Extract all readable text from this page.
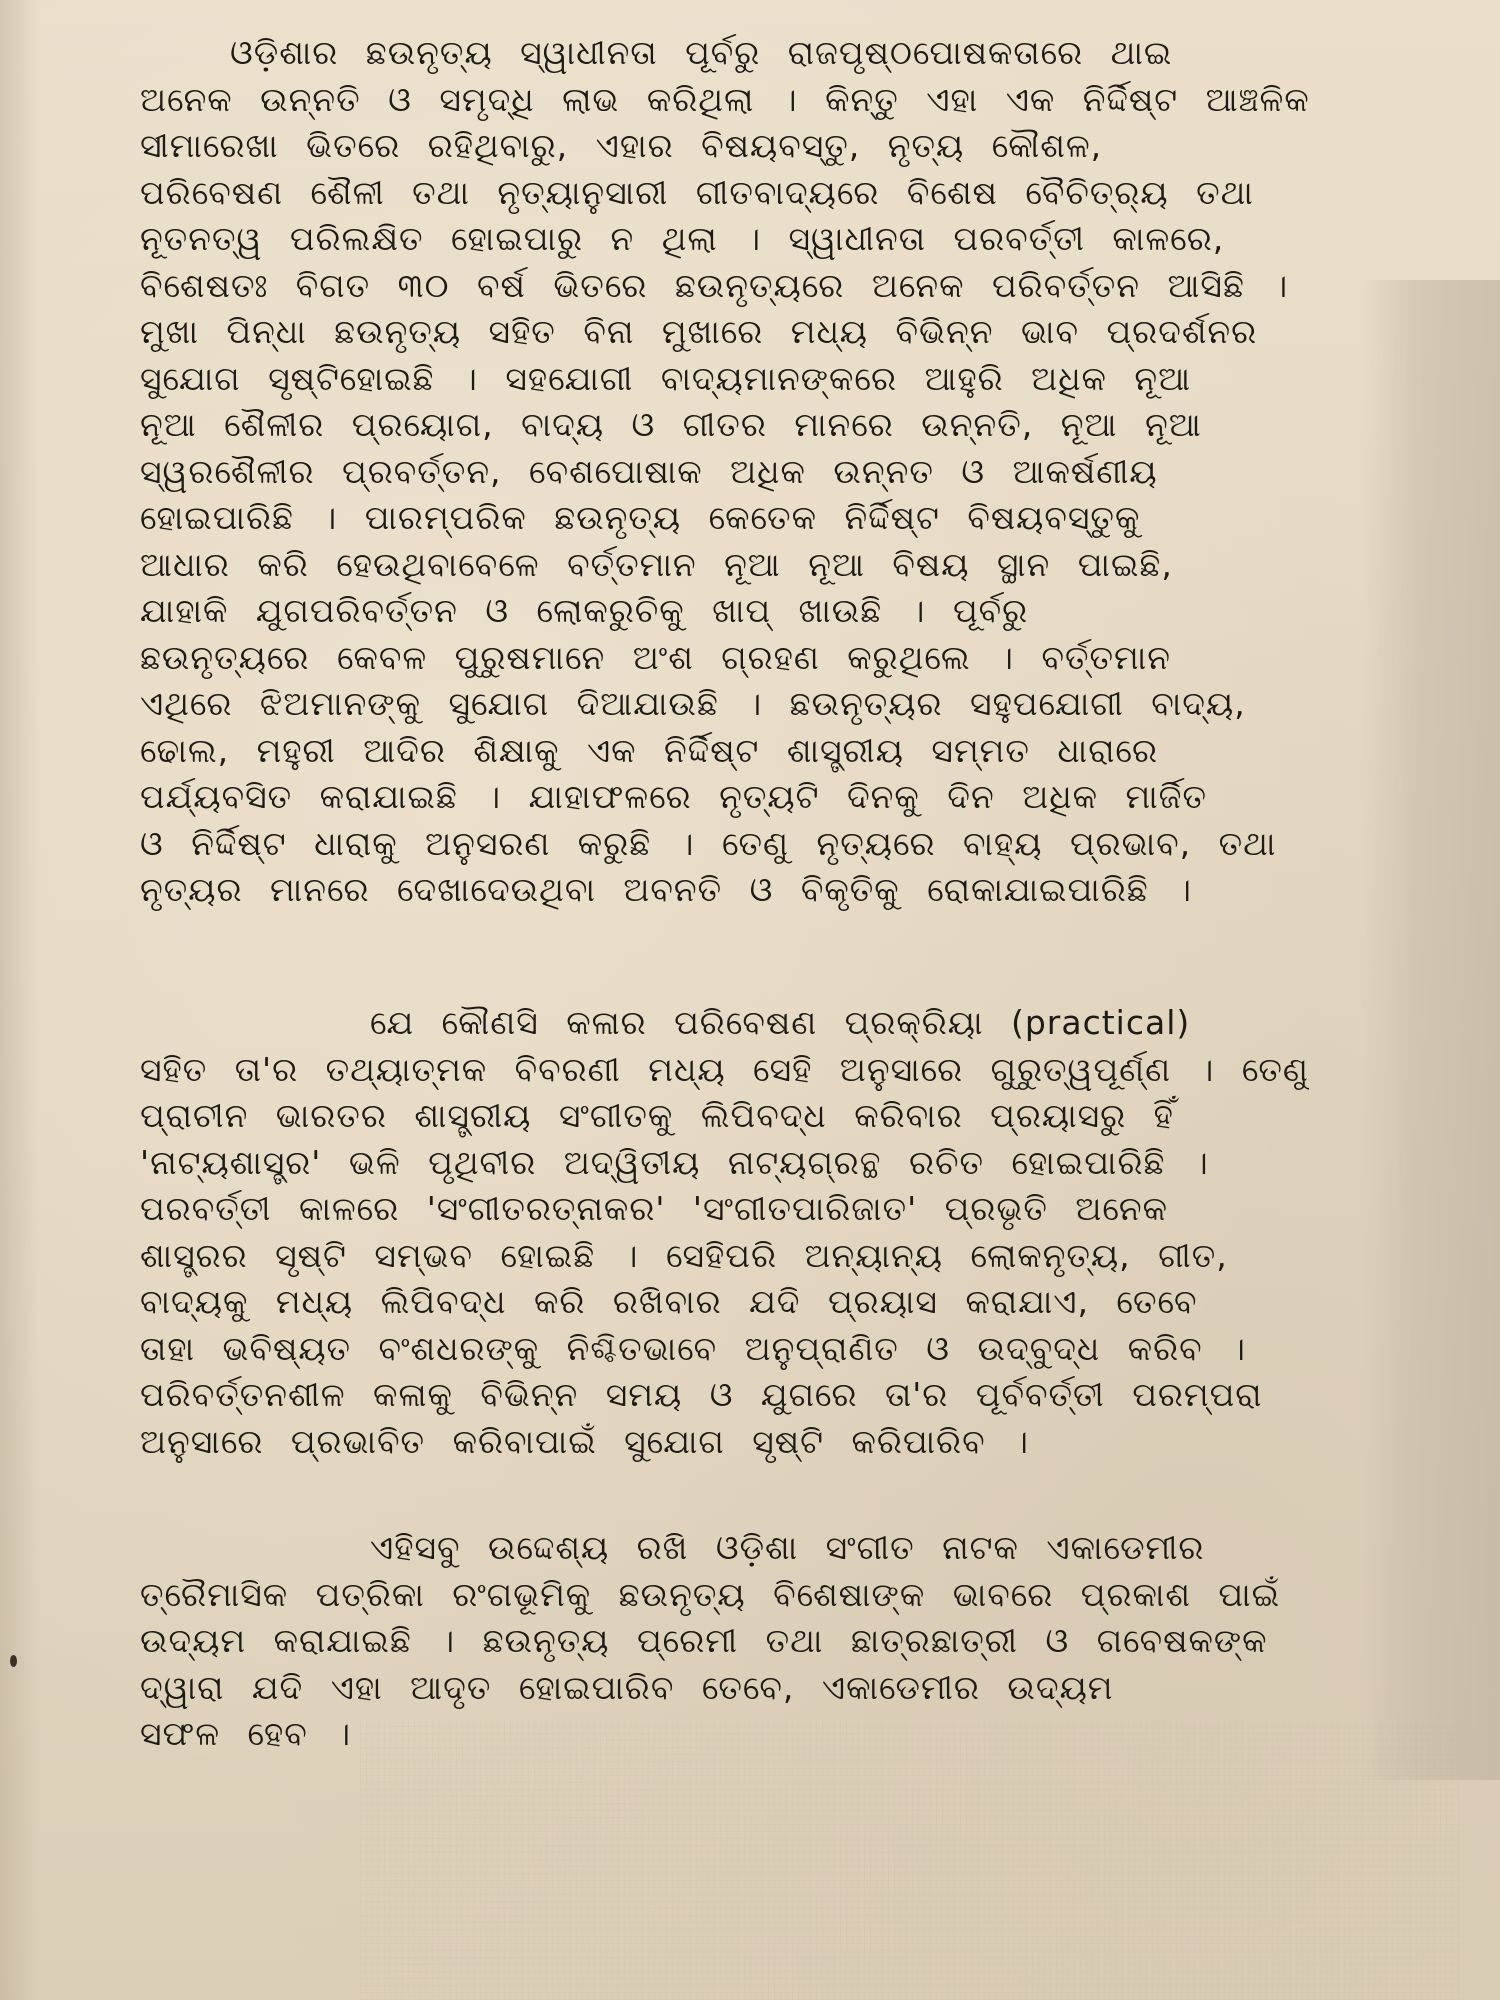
ଓଡ଼ିଶାର ଛଉନୃତ୍ୟ ସ୍ୱାଧୀନତା ପୂର୍ବରୁ ରାଜପୃଷ୍ଠପୋଷକତାରେ ଥାଇ

ଅନେକ ଉନ୍ନତି ଓ ସମୃଦ୍ଧି ଲାଭ କରିଥିଲା । କିନ୍ତୁ ଏହା ଏକ ନିର୍ଦ୍ଦିଷ୍ଟ ଆଞ୍ଚଳିକ

ସୀମାରେଖା ଭିତରେ ରହିଥିବାରୁ, ଏହାର ବିଷୟବସ୍ତୁ, ନୃତ୍ୟ କୌଶଳ,

ପରିବେଷଣ ଶୈଳୀ ତଥା ନୃତ୍ୟାନୁସାରୀ ଗୀତବାଦ୍ୟରେ ବିଶେଷ ବୈଚିତ୍ର୍ୟ ତଥା

ନୂତନତ୍ୱ ପରିଲକ୍ଷିତ ହୋଇପାରୁ ନ ଥିଲା । ସ୍ୱାଧୀନତା ପରବର୍ତ୍ତୀ କାଳରେ,

ବିଶେଷତଃ ବିଗତ ୩୦ ବର୍ଷ ଭିତରେ ଛଉନୃତ୍ୟରେ ଅନେକ ପରିବର୍ତ୍ତନ ଆସିଛି ।

ମୁଖା ପିନ୍ଧା ଛଉନୃତ୍ୟ ସହିତ ବିନା ମୁଖାରେ ମଧ୍ୟ ବିଭିନ୍ନ ଭାବ ପ୍ରଦର୍ଶନର

ସୁଯୋଗ ସୃଷ୍ଟିହୋଇଛି । ସହଯୋଗୀ ବାଦ୍ୟମାନଙ୍କରେ ଆହୁରି ଅଧିକ ନୂଆ

ନୂଆ ଶୈଳୀର ପ୍ରୟୋଗ, ବାଦ୍ୟ ଓ ଗୀତର ମାନରେ ଉନ୍ନତି, ନୂଆ ନୂଆ

ସ୍ୱରଶୈଳୀର ପ୍ରବର୍ତ୍ତନ, ବେଶପୋଷାକ ଅଧିକ ଉନ୍ନତ ଓ ଆକର୍ଷଣୀୟ

ହୋଇପାରିଛି । ପାରମ୍ପରିକ ଛଉନୃତ୍ୟ କେତେକ ନିର୍ଦ୍ଦିଷ୍ଟ ବିଷୟବସ୍ତୁକୁ

ଆଧାର କରି ହେଉଥିବାବେଳେ ବର୍ତ୍ତମାନ ନୂଆ ନୂଆ ବିଷୟ ସ୍ଥାନ ପାଇଛି,

ଯାହାକି ଯୁଗପରିବର୍ତ୍ତନ ଓ ଲୋକରୁଚିକୁ ଖାପ୍ ଖାଉଛି । ପୂର୍ବରୁ

ଛଉନୃତ୍ୟରେ କେବଳ ପୁରୁଷମାନେ ଅଂଶ ଗ୍ରହଣ କରୁଥିଲେ । ବର୍ତ୍ତମାନ

ଏଥିରେ ଝିଅମାନଙ୍କୁ ସୁଯୋଗ ଦିଆଯାଉଛି । ଛଉନୃତ୍ୟର ସହୁପଯୋଗୀ ବାଦ୍ୟ,

ଢୋଲ, ମହୁରୀ ଆଦିର ଶିକ୍ଷାକୁ ଏକ ନିର୍ଦ୍ଦିଷ୍ଟ ଶାସ୍ତ୍ରୀୟ ସମ୍ମତ ଧାରାରେ

ପର୍ଯ୍ୟବସିତ କରାଯାଇଛି । ଯାହାଫଳରେ ନୃତ୍ୟଟି ଦିନକୁ ଦିନ ଅଧିକ ମାର୍ଜିତ

ଓ ନିର୍ଦ୍ଦିଷ୍ଟ ଧାରାକୁ ଅନୁସରଣ କରୁଛି । ତେଣୁ ନୃତ୍ୟରେ ବାହ୍ୟ ପ୍ରଭାବ, ତଥା

ନୃତ୍ୟର ମାନରେ ଦେଖାଦେଉଥିବା ଅବନତି ଓ ବିକୃତିକୁ ରୋକାଯାଇପାରିଛି ।

ଯେ କୌଣସି କଳାର ପରିବେଷଣ ପ୍ରକ୍ରିୟା (practical)

ସହିତ ତା'ର ତଥ୍ୟାତ୍ମକ ବିବରଣୀ ମଧ୍ୟ ସେହି ଅନୁସାରେ ଗୁରୁତ୍ୱପୂର୍ଣ୍ଣ । ତେଣୁ

ପ୍ରାଚୀନ ଭାରତର ଶାସ୍ତ୍ରୀୟ ସଂଗୀତକୁ ଲିପିବଦ୍ଧ କରିବାର ପ୍ରୟାସରୁ ହିଁ

'ନାଟ୍ୟଶାସ୍ତ୍ର' ଭଳି ପୃଥିବୀର ଅଦ୍ୱିତୀୟ ନାଟ୍ୟଗ୍ରନ୍ଥ ରଚିତ ହୋଇପାରିଛି ।

ପରବର୍ତ୍ତୀ କାଳରେ 'ସଂଗୀତରତ୍ନାକର' 'ସଂଗୀତପାରିଜାତ' ପ୍ରଭୃତି ଅନେକ

ଶାସ୍ତ୍ରର ସୃଷ୍ଟି ସମ୍ଭବ ହୋଇଛି । ସେହିପରି ଅନ୍ୟାନ୍ୟ ଲୋକନୃତ୍ୟ, ଗୀତ,

ବାଦ୍ୟକୁ ମଧ୍ୟ ଲିପିବଦ୍ଧ କରି ରଖିବାର ଯଦି ପ୍ରୟାସ କରାଯାଏ, ତେବେ

ତାହା ଭବିଷ୍ୟତ ବଂଶଧରଙ୍କୁ ନିଶ୍ଚିତଭାବେ ଅନୁପ୍ରାଣିତ ଓ ଉଦ୍‌ବୁଦ୍ଧ କରିବ ।

ପରିବର୍ତ୍ତନଶୀଳ କଳାକୁ ବିଭିନ୍ନ ସମୟ ଓ ଯୁଗରେ ତା'ର ପୂର୍ବବର୍ତ୍ତୀ ପରମ୍ପରା

ଅନୁସାରେ ପ୍ରଭାବିତ କରିବାପାଇଁ ସୁଯୋଗ ସୃଷ୍ଟି କରିପାରିବ ।

ଏହିସବୁ ଉଦ୍ଦେଶ୍ୟ ରଖି ଓଡ଼ିଶା ସଂଗୀତ ନାଟକ ଏକାଡେମୀର

ତ୍ରୈମାସିକ ପତ୍ରିକା ରଂଗଭୂମିକୁ ଛଉନୃତ୍ୟ ବିଶେଷାଙ୍କ ଭାବରେ ପ୍ରକାଶ ପାଇଁ

ଉଦ୍ୟମ କରାଯାଇଛି । ଛଉନୃତ୍ୟ ପ୍ରେମୀ ତଥା ଛାତ୍ରଛାତ୍ରୀ ଓ ଗବେଷକଙ୍କ

ଦ୍ୱାରା ଯଦି ଏହା ଆଦୃତ ହୋଇପାରିବ ତେବେ, ଏକାଡେମୀର ଉଦ୍ୟମ

ସଫଳ ହେବ ।
